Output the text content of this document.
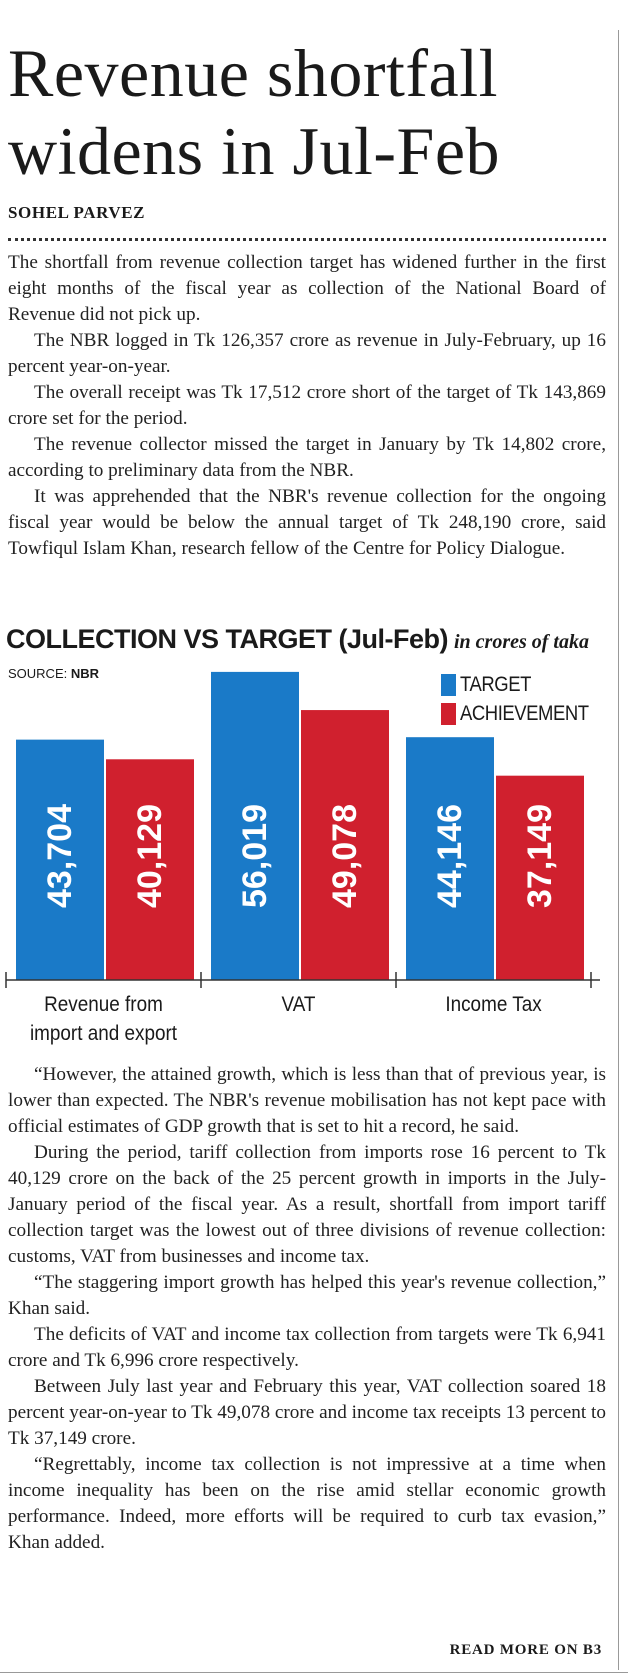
Revenue shortfall
widens in Jul-Feb
SOHEL PARVEZ

The shortfall from revenue collection target has widened further in the first eight months of the fiscal year as collection of the National Board of Revenue did not pick up.

The NBR logged in Tk 126,357 crore as revenue in July-February, up 16 percent year-on-year.

The overall receipt was Tk 17,512 crore short of the target of Tk 143,869 crore set for the period.

The revenue collector missed the target in January by Tk 14,802 crore, according to preliminary data from the NBR.

It was apprehended that the NBR's revenue collection for the ongoing fiscal year would be below the annual target of Tk 248,190 crore, said Towfiqul Islam Khan, research fellow of the Centre for Policy Dialogue.

COLLECTION VS TARGET (Jul-Feb) in crores of taka
SOURCE: NBR	TARGET
ACHIEVEMENT
43,704 40,129 56,019 49,078 44,146 37,149
Revenue from
import and export
VAT	Income Tax

“However, the attained growth, which is less than that of previous year, is lower than expected. The NBR's revenue mobilisation has not kept pace with official estimates of GDP growth that is set to hit a record, he said.

During the period, tariff collection from imports rose 16 percent to Tk 40,129 crore on the back of the 25 percent growth in imports in the July-January period of the fiscal year. As a result, shortfall from import tariff collection target was the lowest out of three divisions of revenue collection: customs, VAT from businesses and income tax.

“The staggering import growth has helped this year's revenue collection,” Khan said.

The deficits of VAT and income tax collection from targets were Tk 6,941 crore and Tk 6,996 crore respectively.

Between July last year and February this year, VAT collection soared 18 percent year-on-year to Tk 49,078 crore and income tax receipts 13 percent to Tk 37,149 crore.

“Regrettably, income tax collection is not impressive at a time when income inequality has been on the rise amid stellar economic growth performance. Indeed, more efforts will be required to curb tax evasion,” Khan added.

READ MORE ON B3
